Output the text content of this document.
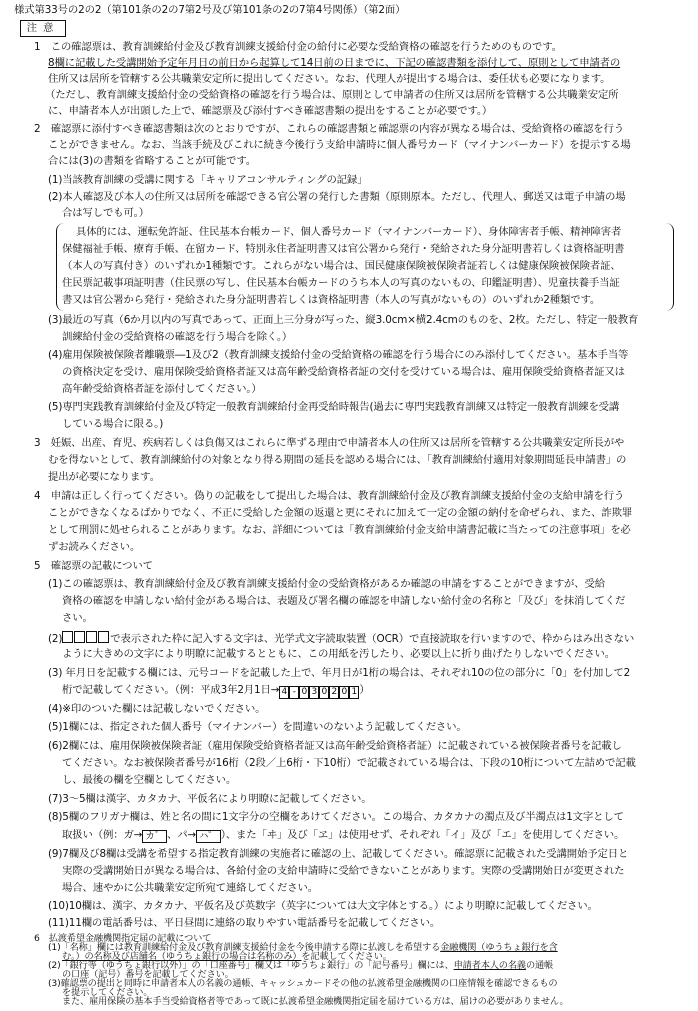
様式第33号の2の2（第101条の2の7第2号及び第101条の2の7第4号関係）（第2面）
注意
1　この確認票は、教育訓練給付金及び教育訓練支援給付金の給付に必要な受給資格の確認を行うためのものです。
8欄に記載した受講開始予定年月日の前日から起算して14日前の日までに、下記の確認書類を添付して、原則として申請者の
住所又は居所を管轄する公共職業安定所に提出してください。なお、代理人が提出する場合は、委任状も必要になります。
（ただし、教育訓練支援給付金の受給資格の確認を行う場合は、原則として申請者の住所又は居所を管轄する公共職業安定所
に、申請者本人が出頭した上で、確認票及び添付すべき確認書類の提出をすることが必要です。）
2　確認票に添付すべき確認書類は次のとおりですが、これらの確認書類と確認票の内容が異なる場合は、受給資格の確認を行う
ことができません。なお、当該手続及びこれに続き今後行う支給申請時に個人番号カード（マイナンバーカード）を提示する場
合には(3)の書類を省略することが可能です。
(1)当該教育訓練の受講に関する「キャリアコンサルティングの記録」
(2)本人確認及び本人の住所又は居所を確認できる官公署の発行した書類（原則原本。ただし、代理人、郵送又は電子申請の場
合は写しでも可。）
具体的には、運転免許証、住民基本台帳カード、個人番号カード（マイナンバーカード）、身体障害者手帳、精神障害者
保健福祉手帳、療育手帳、在留カード、特別永住者証明書又は官公署から発行・発給された身分証明書若しくは資格証明書
（本人の写真付き）のいずれか1種類です。これらがない場合は、国民健康保険被保険者証若しくは健康保険被保険者証、
住民票記載事項証明書（住民票の写し、住民基本台帳カードのうち本人の写真のないもの、印鑑証明書）、児童扶養手当証
書又は官公署から発行・発給された身分証明書若しくは資格証明書（本人の写真がないもの）のいずれか2種類です。
(3)最近の写真（6か月以内の写真であって、正面上三分身が写った、縦3.0cm×横2.4cmのものを、2枚。ただし、特定一般教育
訓練給付金の受給資格の確認を行う場合を除く。）
(4)雇用保険被保険者離職票―1及び2（教育訓練支援給付金の受給資格の確認を行う場合にのみ添付してください。基本手当等
の資格決定を受け、雇用保険受給資格者証又は高年齢受給資格者証の交付を受けている場合は、雇用保険受給資格者証又は
高年齢受給資格者証を添付してください。）
(5)専門実践教育訓練給付金及び特定一般教育訓練給付金再受給時報告(過去に専門実践教育訓練又は特定一般教育訓練を受講
している場合に限る。)
3　妊娠、出産、育児、疾病若しくは負傷又はこれらに準ずる理由で申請者本人の住所又は居所を管轄する公共職業安定所長がや
むを得ないとして、教育訓練給付の対象となり得る期間の延長を認める場合には、「教育訓練給付適用対象期間延長申請書」の
提出が必要になります。
4　申請は正しく行ってください。偽りの記載をして提出した場合は、教育訓練給付金及び教育訓練支援給付金の支給申請を行う
ことができなくなるばかりでなく、不正に受給した金額の返還と更にそれに加えて一定の金額の納付を命ぜられ、また、詐欺罪
として刑罰に処せられることがあります。なお、詳細については「教育訓練給付金支給申請書記載に当たっての注意事項」を必
ずお読みください。
5　確認票の記載について
(1)この確認票は、教育訓練給付金及び教育訓練支援給付金の受給資格があるか確認の申請をすることができますが、受給
資格の確認を申請しない給付金がある場合は、表題及び署名欄の確認を申請しない給付金の名称と「及び」を抹消してくだ
さい。
(2)	で表示された枠に記入する文字は、光学式文字読取装置（OCR）で直接読取を行いますので、枠からはみ出さない
ように大きめの文字により明瞭に記載するとともに、この用紙を汚したり、必要以上に折り曲げたりしないでください。
(3) 年月日を記載する欄には、元号コードを記載した上で、年月日が1桁の場合は、それぞれ10の位の部分に「0」を付加して2
桁で記載してください。（例：平成3年2月1日→ 4 - 0 3 0 2 0 1 ）
(4)※印のついた欄には記載しないでください。
(5)1欄には、指定された個人番号（マイナンバー）を間違いのないよう記載してください。
(6)2欄には、雇用保険被保険者証（雇用保険受給資格者証又は高年齢受給資格者証）に記載されている被保険者番号を記載し
てください。なお被保険者番号が16桁（2段／上6桁・下10桁）で記載されている場合は、下段の10桁について左詰めで記載
し、最後の欄を空欄としてください。
(7)3〜5欄は漢字、カタカナ、平仮名により明瞭に記載してください。
(8)5欄のフリガナ欄は、姓と名の間に1文字分の空欄をあけてください。この場合、カタカナの濁点及び半濁点は1文字として
取扱い（例：ガ→ カ゛ 、パ→ ハ゜ ）、また「ヰ」及び「ヱ」は使用せず、それぞれ「イ」及び「エ」を使用してください。
(9)7欄及び8欄は受講を希望する指定教育訓練の実施者に確認の上、記載してください。確認票に記載された受講開始予定日と
実際の受講開始日が異なる場合は、各給付金の支給申請時に受給できないことがあります。実際の受講開始日が変更された
場合、速やかに公共職業安定所宛て連絡してください。
(10)10欄は、漢字、カタカナ、平仮名及び英数字（英字については大文字体とする。）により明瞭に記載してください。
(11)11欄の電話番号は、平日昼間に連絡の取りやすい電話番号を記載してください。
6　払渡希望金融機関指定届の記載について
(1)「名称」欄には教育訓練給付金及び教育訓練支援給付金を今後申請する際に払渡しを希望する金融機関（ゆうちょ銀行を含
む。）の名称及び店舗名（ゆうちょ銀行の場合は名称のみ）を記載してください。
(2)「銀行等（ゆうちょ銀行以外）」の「口座番号」欄又は「ゆうちょ銀行」の「記号番号」欄には、申請者本人の名義の通帳
の口座（記号）番号を記載してください。
(3)確認票の提出と同時に申請者本人の名義の通帳、キャッシュカードその他の払渡希望金融機関の口座情報を確認できるもの
を提示してください。
また、雇用保険の基本手当受給資格者等であって既に払渡希望金融機関指定届を届けている方は、届けの必要がありません。
